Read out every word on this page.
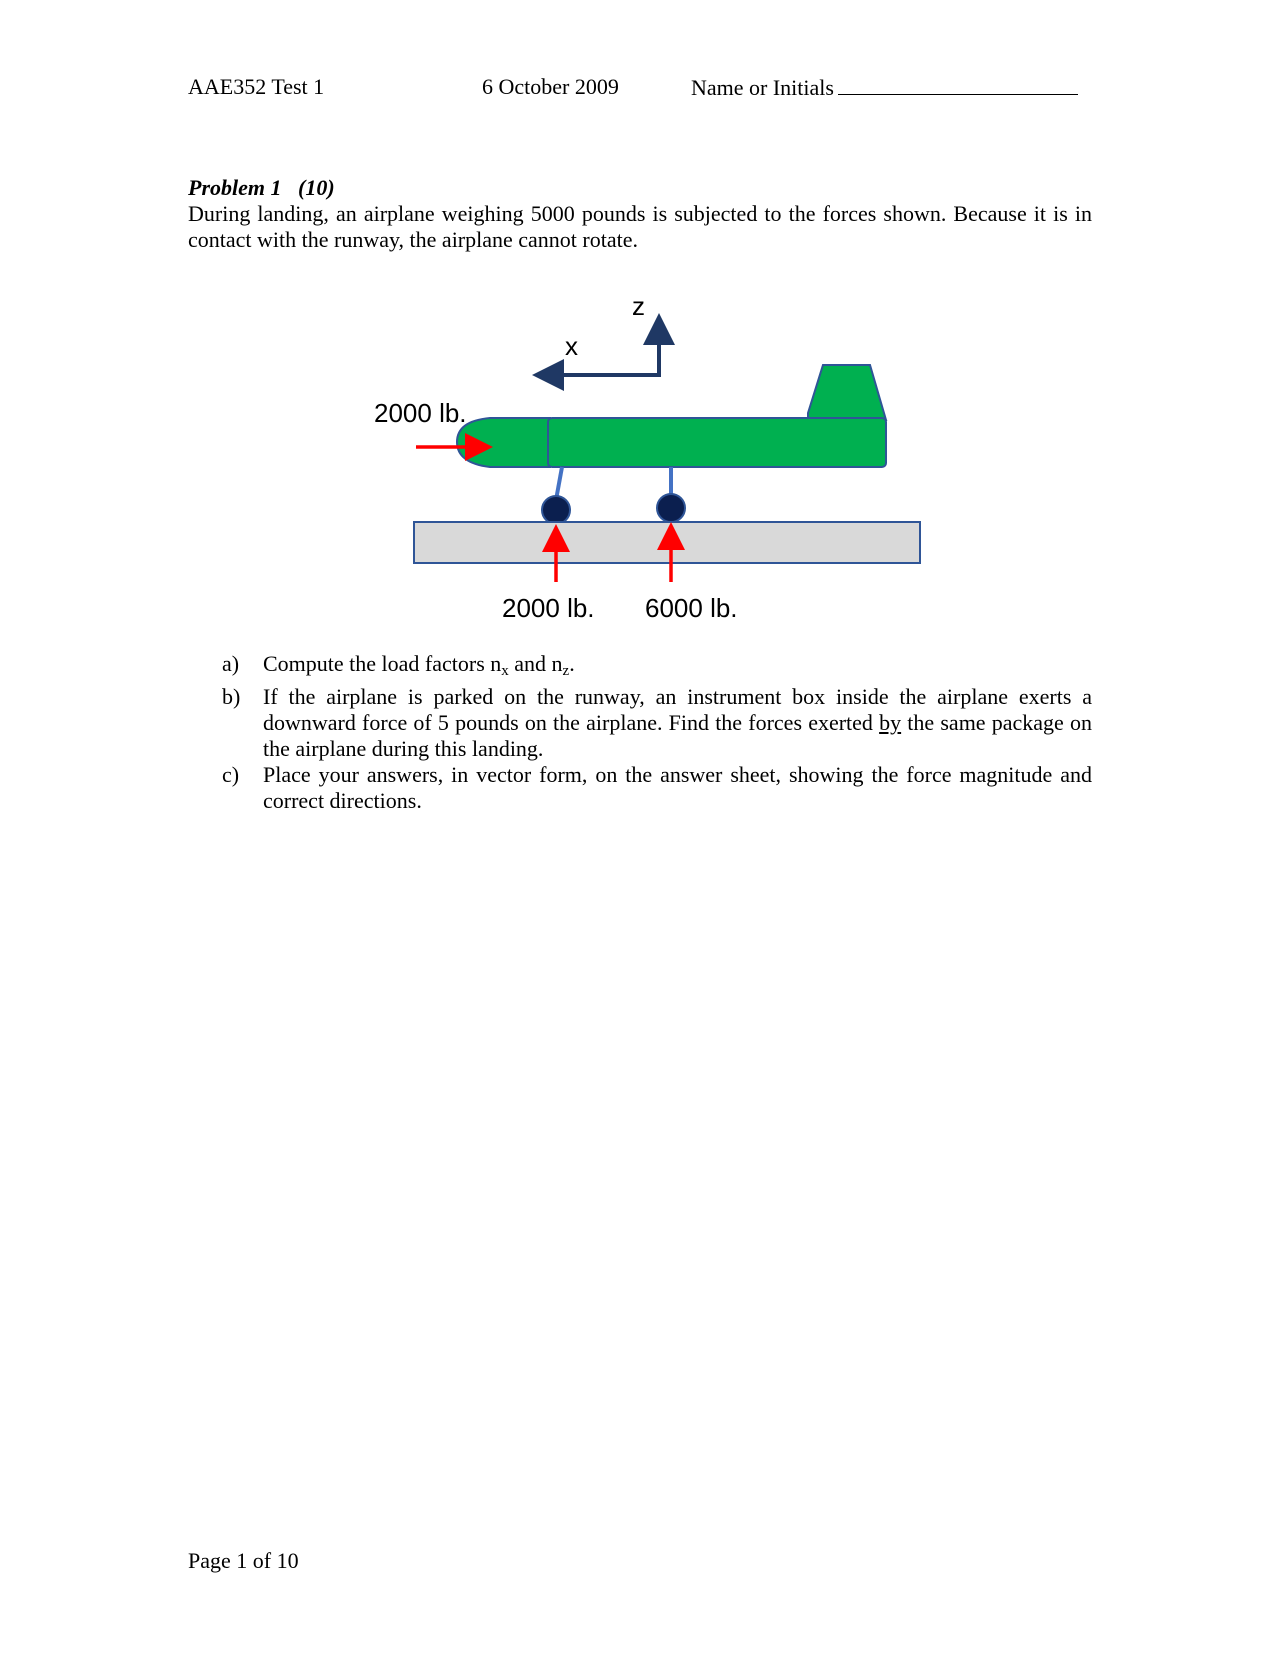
AAE352 Test 1	6 October 2009	Name or Initials

Problem 1   (10)

During landing, an airplane weighing 5000 pounds is subjected to the forces shown. Because it is in contact with the runway, the airplane cannot rotate.

z
x
2000 lb.
2000 lb. 6000 lb.
a) Compute the load factors $n_x$ and $n_z$.
b) If the airplane is parked on the runway, an instrument box inside the airplane exerts a downward force of 5 pounds on the airplane. Find the forces exerted by the same package on the airplane during this landing.
c) Place your answers, in vector form, on the answer sheet, showing the force magnitude and correct directions.
Page 1 of 10
